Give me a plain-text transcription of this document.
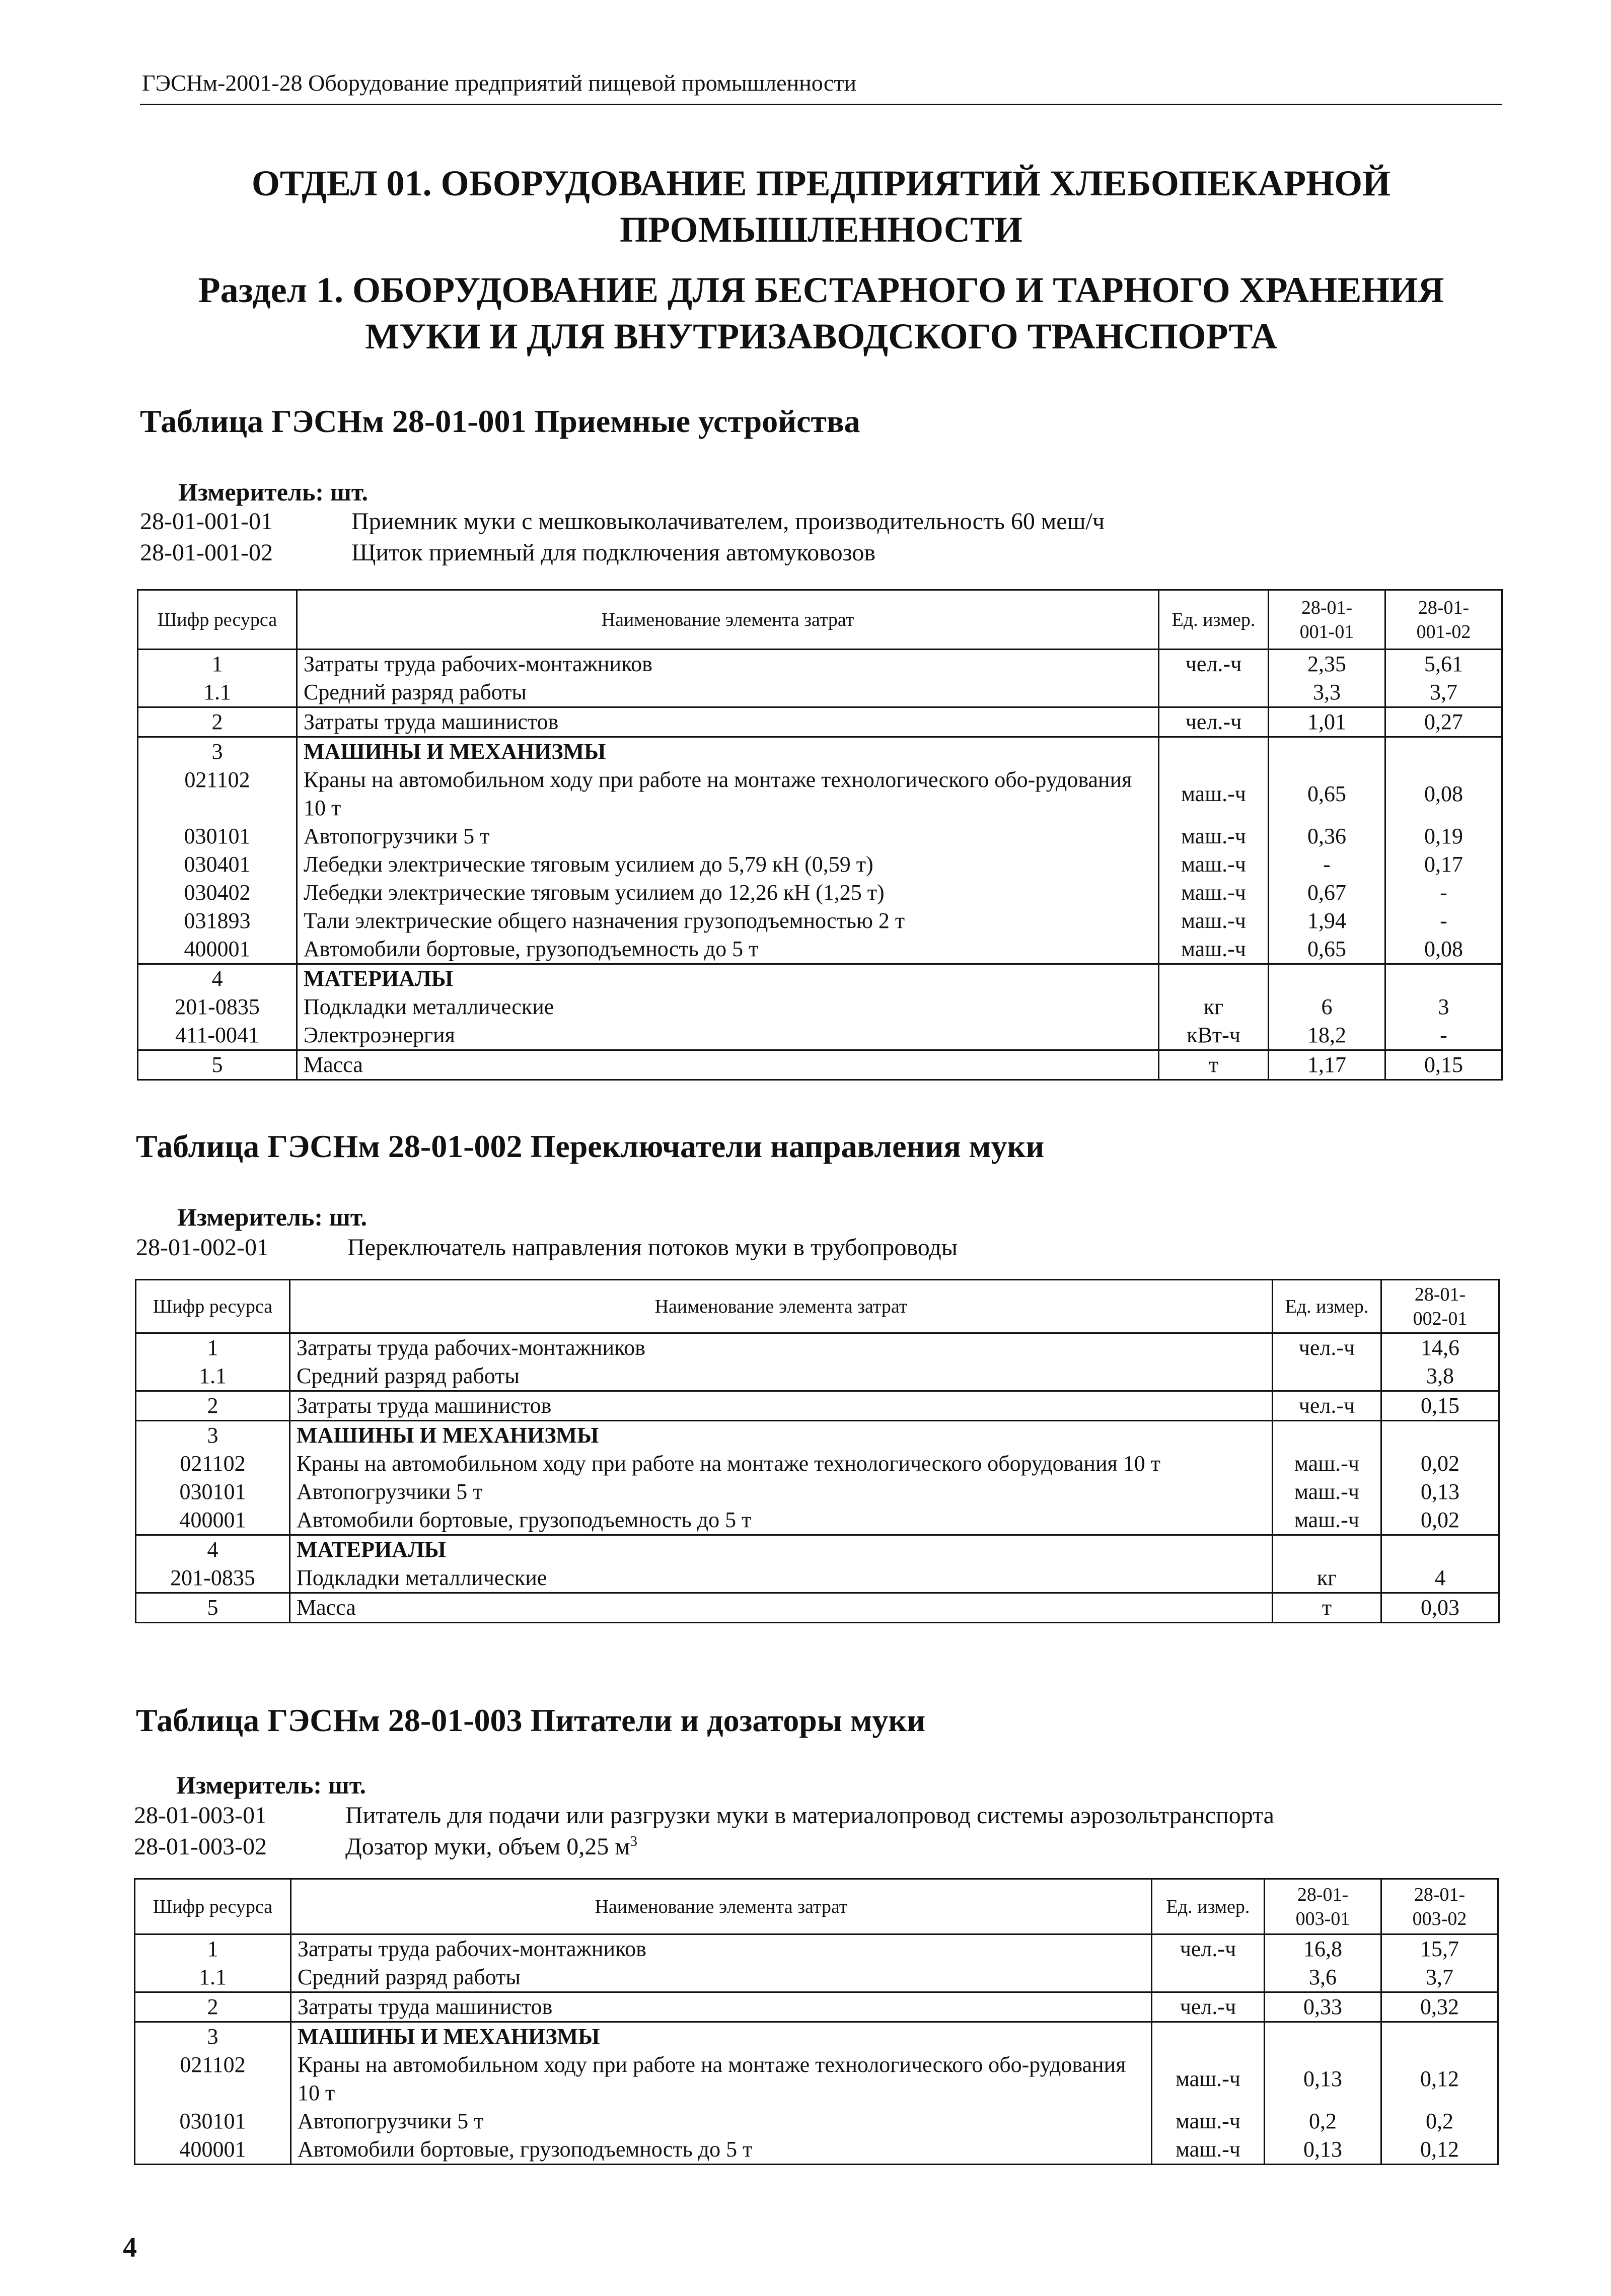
ГЭСНм-2001-28 Оборудование предприятий пищевой промышленности
ОТДЕЛ 01. ОБОРУДОВАНИЕ ПРЕДПРИЯТИЙ ХЛЕБОПЕКАРНОЙ
ПРОМЫШЛЕННОСТИ
Раздел 1. ОБОРУДОВАНИЕ ДЛЯ БЕСТАРНОГО И ТАРНОГО ХРАНЕНИЯ
МУКИ И ДЛЯ ВНУТРИЗАВОДСКОГО ТРАНСПОРТА
Таблица ГЭСНм 28-01-001 Приемные устройства
Измеритель: шт.
28-01-001-01	Приемник муки с мешковыколачивателем, производительность 60 меш/ч
28-01-001-02	Щиток приемный для подключения автомуковозов
Шифр ресурса	Наименование элемента затрат	Ед. измер.	28-01-
001-01	28-01-
001-02
1	Затраты труда рабочих-монтажников	чел.-ч	2,35	5,61
1.1	Средний разряд работы		3,3	3,7
2	Затраты труда машинистов	чел.-ч	1,01	0,27
3	МАШИНЫ И МЕХАНИЗМЫ			
021102	Краны на автомобильном ходу при работе на монтаже технологического обо-рудования 10 т	маш.-ч	0,65	0,08
030101	Автопогрузчики 5 т	маш.-ч	0,36	0,19
030401	Лебедки электрические тяговым усилием до 5,79 кН (0,59 т)	маш.-ч	-	0,17
030402	Лебедки электрические тяговым усилием до 12,26 кН (1,25 т)	маш.-ч	0,67	-
031893	Тали электрические общего назначения грузоподъемностью 2 т	маш.-ч	1,94	-
400001	Автомобили бортовые, грузоподъемность до 5 т	маш.-ч	0,65	0,08
4	МАТЕРИАЛЫ			
201-0835	Подкладки металлические	кг	6	3
411-0041	Электроэнергия	кВт-ч	18,2	-
5	Масса	т	1,17	0,15
Таблица ГЭСНм 28-01-002 Переключатели направления муки
Измеритель: шт.
28-01-002-01	Переключатель направления потоков муки в трубопроводы
Шифр ресурса	Наименование элемента затрат	Ед. измер.	28-01-
002-01
1	Затраты труда рабочих-монтажников	чел.-ч	14,6
1.1	Средний разряд работы		3,8
2	Затраты труда машинистов	чел.-ч	0,15
3	МАШИНЫ И МЕХАНИЗМЫ		
021102	Краны на автомобильном ходу при работе на монтаже технологического оборудования 10 т	маш.-ч	0,02
030101	Автопогрузчики 5 т	маш.-ч	0,13
400001	Автомобили бортовые, грузоподъемность до 5 т	маш.-ч	0,02
4	МАТЕРИАЛЫ		
201-0835	Подкладки металлические	кг	4
5	Масса	т	0,03
Таблица ГЭСНм 28-01-003 Питатели и дозаторы муки
Измеритель: шт.
28-01-003-01	Питатель для подачи или разгрузки муки в материалопровод системы аэрозольтранспорта
28-01-003-02	Дозатор муки, объем 0,25 $м^3$
Шифр ресурса	Наименование элемента затрат	Ед. измер.	28-01-
003-01	28-01-
003-02
1	Затраты труда рабочих-монтажников	чел.-ч	16,8	15,7
1.1	Средний разряд работы		3,6	3,7
2	Затраты труда машинистов	чел.-ч	0,33	0,32
3	МАШИНЫ И МЕХАНИЗМЫ			
021102	Краны на автомобильном ходу при работе на монтаже технологического обо-рудования 10 т	маш.-ч	0,13	0,12
030101	Автопогрузчики 5 т	маш.-ч	0,2	0,2
400001	Автомобили бортовые, грузоподъемность до 5 т	маш.-ч	0,13	0,12
4
